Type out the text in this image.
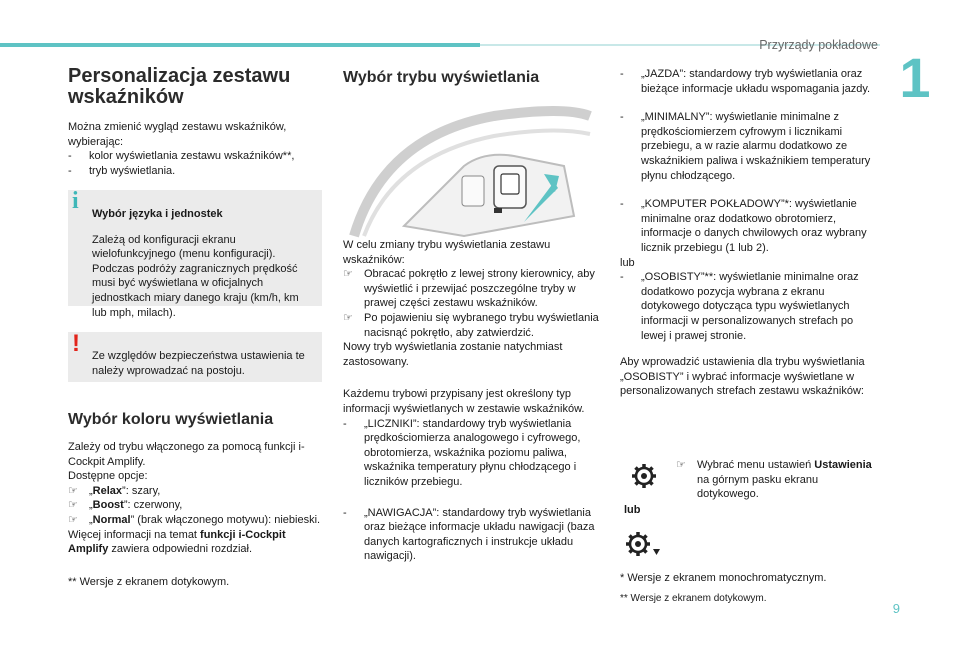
Przyrządy pokładowe
1
9
Personalizacja zestawu
wskaźników

Można zmienić wygląd zestawu wskaźników, wybierając:

- kolor wyświetlania zestawu wskaźników**,

- tryb wyświetlania.

i Wybór języka i jednostek

Zależą od konfiguracji ekranu wielofunkcyjnego (menu konfiguracji). Podczas podróży zagranicznych prędkość musi być wyświetlana w oficjalnych jednostkach miary danego kraju (km/h, km lub mph, milach).

! Ze względów bezpieczeństwa ustawienia te należy wprowadzać na postoju.

Wybór koloru wyświetlania

Zależy od trybu włączonego za pomocą funkcji i-Cockpit Amplify.

Dostępne opcje:

☞ „Relax”: szary,

☞ „Boost”: czerwony,

☞ „Normal” (brak włączonego motywu): niebieski.

Więcej informacji na temat funkcji i-Cockpit Amplify zawiera odpowiedni rozdział.

** Wersje z ekranem dotykowym.

Wybór trybu wyświetlania

W celu zmiany trybu wyświetlania zestawu wskaźników:

☞ Obracać pokrętło z lewej strony kierownicy, aby wyświetlić i przewijać poszczególne tryby w prawej części zestawu wskaźników.

☞ Po pojawieniu się wybranego trybu wyświetlania nacisnąć pokrętło, aby zatwierdzić.

Nowy tryb wyświetlania zostanie natychmiast zastosowany.

Każdemu trybowi przypisany jest określony typ informacji wyświetlanych w zestawie wskaźników.

- „LICZNIKI”: standardowy tryb wyświetlania prędkościomierza analogowego i cyfrowego, obrotomierza, wskaźnika poziomu paliwa, wskaźnika temperatury płynu chłodzącego i liczników przebiegu.

- „NAWIGACJA”: standardowy tryb wyświetlania oraz bieżące informacje układu nawigacji (baza danych kartograficznych i instrukcje układu nawigacji).

- „JAZDA”: standardowy tryb wyświetlania oraz bieżące informacje układu wspomagania jazdy.

- „MINIMALNY”: wyświetlanie minimalne z prędkościomierzem cyfrowym i licznikami przebiegu, a w razie alarmu dodatkowo ze wskaźnikiem paliwa i wskaźnikiem temperatury płynu chłodzącego.

- „KOMPUTER POKŁADOWY”*: wyświetlanie minimalne oraz dodatkowo obrotomierz, informacje o danych chwilowych oraz wybrany licznik przebiegu (1 lub 2).

lub

- „OSOBISTY”**: wyświetlanie minimalne oraz dodatkowo pozycja wybrana z ekranu dotykowego dotycząca typu wyświetlanych informacji w personalizowanych strefach po lewej i prawej stronie.

Aby wprowadzić ustawienia dla trybu wyświetlania „OSOBISTY” i wybrać informacje wyświetlane w personalizowanych strefach zestawu wskaźników:

☞ Wybrać menu ustawień Ustawienia na górnym pasku ekranu dotykowego.

lub

* Wersje z ekranem monochromatycznym.

** Wersje z ekranem dotykowym.
